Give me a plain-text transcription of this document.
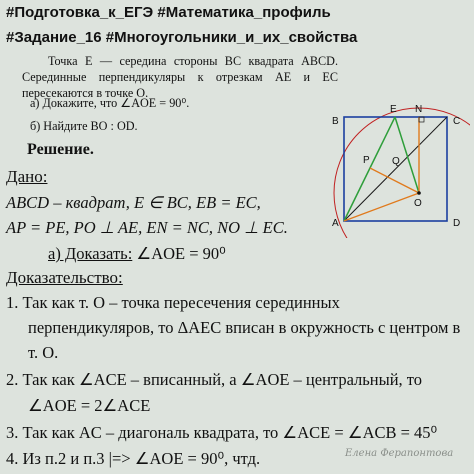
#Подготовка_к_ЕГЭ #Математика_профиль
#Задание_16 #Многоугольники_и_их_свойства
Точка E — середина стороны BC квадрата ABCD. Серединные перпендикуляры к отрезкам AE и EC пересекаются в точке O.
а) Докажите, что ∠AOE = 90⁰.
б) Найдите BO : OD.
Решение.
Дано:
ABCD – квадрат, E ∈ BC, EB = EC,
AP = PE, PO ⊥ AE, EN = NC, NO ⊥ EC.
а) Доказать: ∠AOE = 90⁰
Доказательство:
1. Так как т. O – точка пересечения серединных
перпендикуляров, то ΔAEC вписан в окружность с центром в
т. O.
2. Так как ∠ACE – вписанный, а ∠AOE – центральный, то
∠AOE = 2∠ACE
3. Так как AC – диагональ квадрата, то ∠ACE = ∠ACB = 45⁰
4. Из п.2 и п.3 |=> ∠AOE = 90⁰, чтд.
B
E N
C
P Q
O
A	D
Елена Ферапонтова
